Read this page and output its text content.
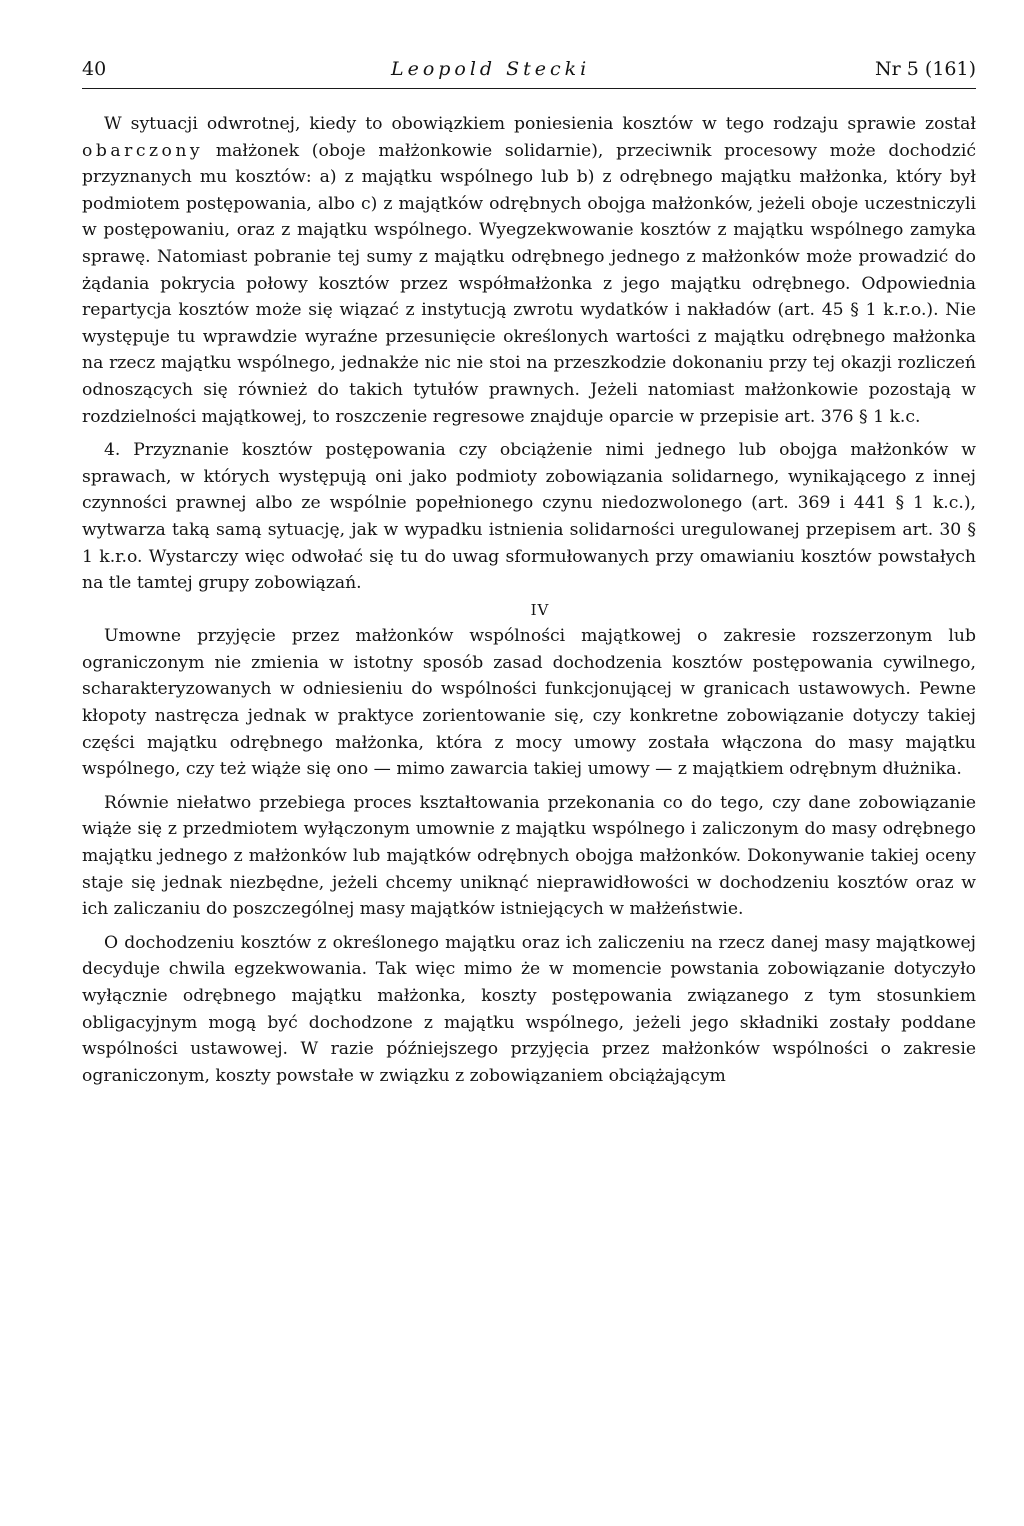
40	Leopold Stecki	Nr 5 (161)

W sytuacji odwrotnej, kiedy to obowiązkiem poniesienia kosztów w tego rodzaju sprawie został obarczony małżonek (oboje małżonkowie solidarnie), przeciwnik procesowy może dochodzić przyznanych mu kosztów: a) z majątku wspólnego lub b) z odrębnego majątku małżonka, który był podmiotem postępowania, albo c) z majątków odrębnych obojga małżonków, jeżeli oboje uczestniczyli w postępowaniu, oraz z majątku wspólnego. Wyegzekwowanie kosztów z majątku wspólnego zamyka sprawę. Natomiast pobranie tej sumy z majątku odrębnego jednego z małżonków może prowadzić do żądania pokrycia połowy kosztów przez współmałżonka z jego majątku odrębnego. Odpowiednia repartycja kosztów może się wiązać z instytucją zwrotu wydatków i nakładów (art. 45 § 1 k.r.o.). Nie występuje tu wprawdzie wyraźne przesunięcie określonych wartości z majątku odrębnego małżonka na rzecz majątku wspólnego, jednakże nic nie stoi na przeszkodzie dokonaniu przy tej okazji rozliczeń odnoszących się również do takich tytułów prawnych. Jeżeli natomiast małżonkowie pozostają w rozdzielności majątkowej, to roszczenie regresowe znajduje oparcie w przepisie art. 376 § 1 k.c.

4. Przyznanie kosztów postępowania czy obciążenie nimi jednego lub obojga małżonków w sprawach, w których występują oni jako podmioty zobowiązania solidarnego, wynikającego z innej czynności prawnej albo ze wspólnie popełnionego czynu niedozwolonego (art. 369 i 441 § 1 k.c.), wytwarza taką samą sytuację, jak w wypadku istnienia solidarności uregulowanej przepisem art. 30 § 1 k.r.o. Wystarczy więc odwołać się tu do uwag sformułowanych przy omawianiu kosztów powstałych na tle tamtej grupy zobowiązań.

IV

Umowne przyjęcie przez małżonków wspólności majątkowej o zakresie rozszerzonym lub ograniczonym nie zmienia w istotny sposób zasad dochodzenia kosztów postępowania cywilnego, scharakteryzowanych w odniesieniu do wspólności funkcjonującej w granicach ustawowych. Pewne kłopoty nastręcza jednak w praktyce zorientowanie się, czy konkretne zobowiązanie dotyczy takiej części majątku odrębnego małżonka, która z mocy umowy została włączona do masy majątku wspólnego, czy też wiąże się ono — mimo zawarcia takiej umowy — z majątkiem odrębnym dłużnika.

Równie niełatwo przebiega proces kształtowania przekonania co do tego, czy dane zobowiązanie wiąże się z przedmiotem wyłączonym umownie z majątku wspólnego i zaliczonym do masy odrębnego majątku jednego z małżonków lub majątków odrębnych obojga małżonków. Dokonywanie takiej oceny staje się jednak niezbędne, jeżeli chcemy uniknąć nieprawidłowości w dochodzeniu kosztów oraz w ich zaliczaniu do poszczególnej masy majątków istniejących w małżeństwie.

O dochodzeniu kosztów z określonego majątku oraz ich zaliczeniu na rzecz danej masy majątkowej decyduje chwila egzekwowania. Tak więc mimo że w momencie powstania zobowiązanie dotyczyło wyłącznie odrębnego majątku małżonka, koszty postępowania związanego z tym stosunkiem obligacyjnym mogą być dochodzone z majątku wspólnego, jeżeli jego składniki zostały poddane wspólności ustawowej. W razie późniejszego przyjęcia przez małżonków wspólności o zakresie ograniczonym, koszty powstałe w związku z zobowiązaniem obciążającym
